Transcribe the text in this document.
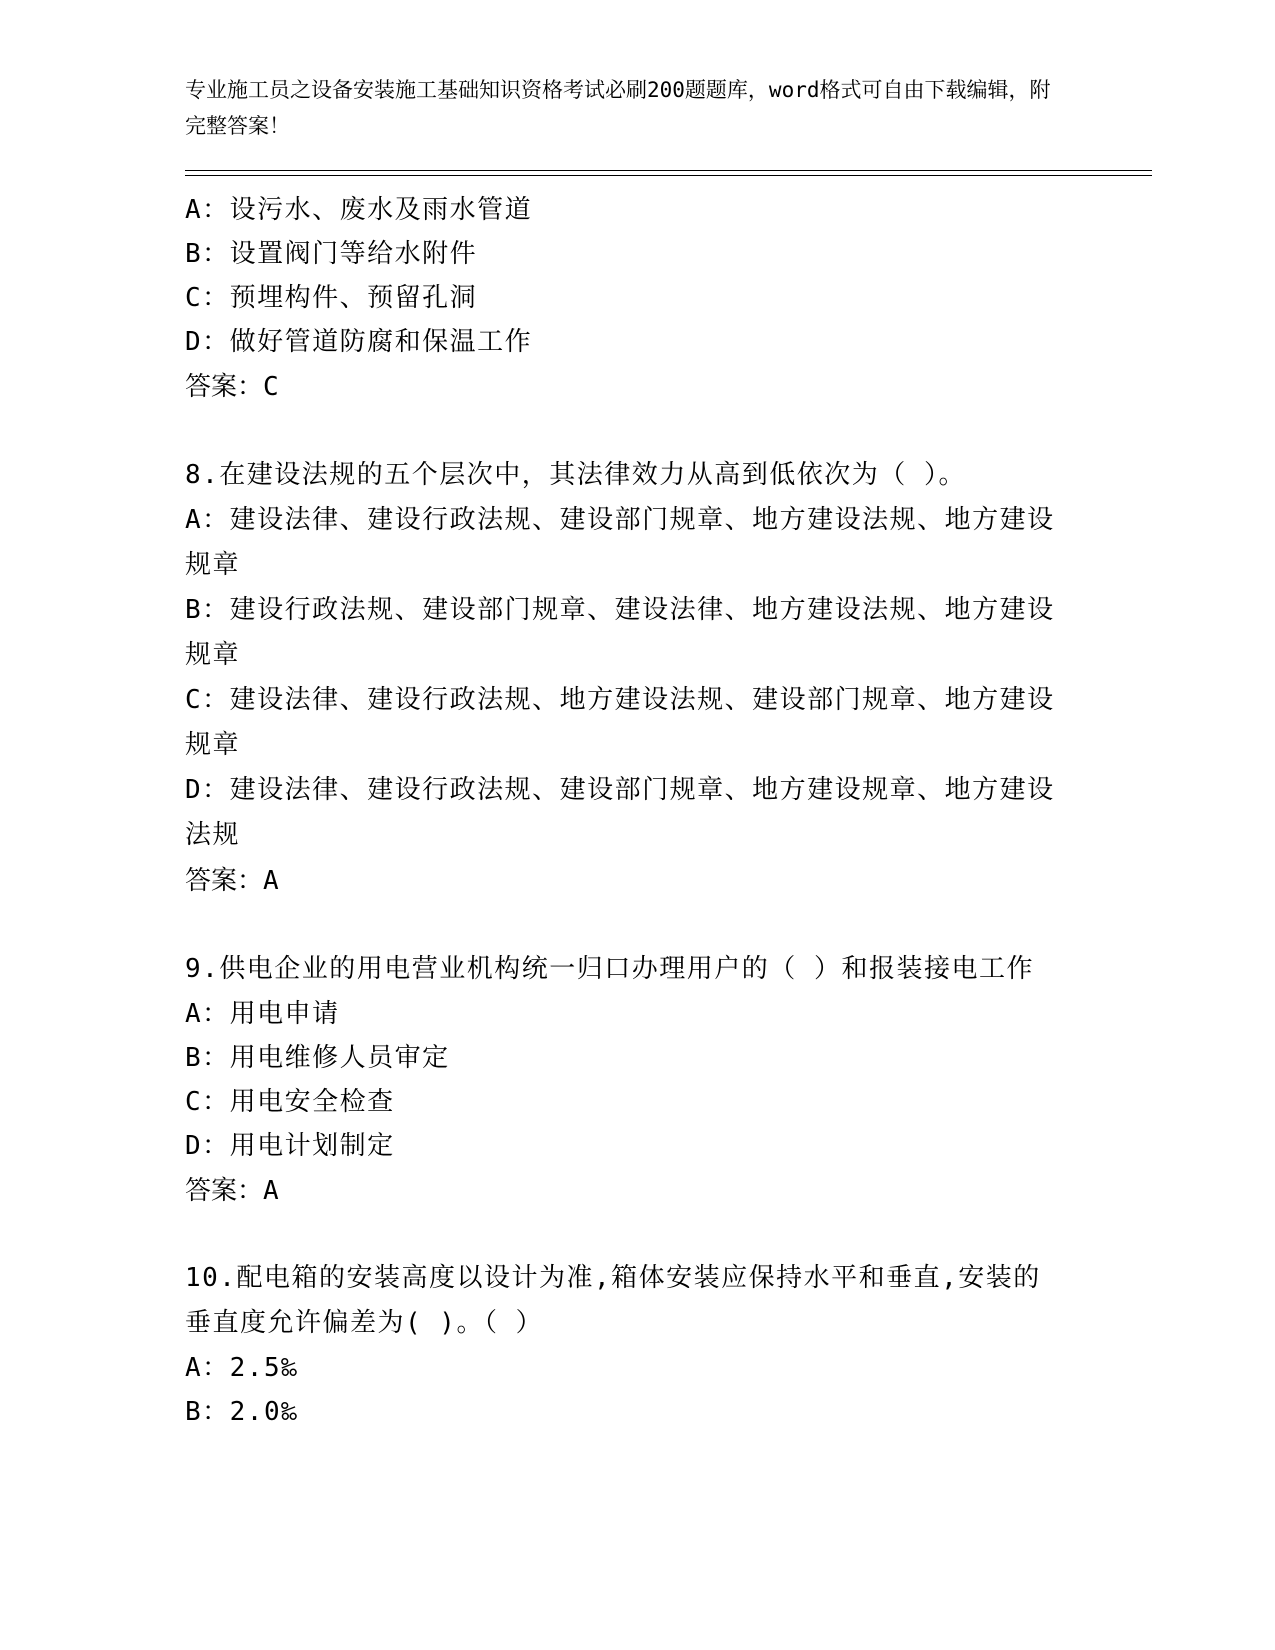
专业施工员之设备安装施工基础知识资格考试必刷200题题库，word格式可自由下载编辑，附完整答案！

A：设污水、废水及雨水管道

B：设置阀门等给水附件

C：预埋构件、预留孔洞

D：做好管道防腐和保温工作

答案：C

8.在建设法规的五个层次中，其法律效力从高到低依次为（ ）。

A：建设法律、建设行政法规、建设部门规章、地方建设法规、地方建设规章

B：建设行政法规、建设部门规章、建设法律、地方建设法规、地方建设规章

C：建设法律、建设行政法规、地方建设法规、建设部门规章、地方建设规章

D：建设法律、建设行政法规、建设部门规章、地方建设规章、地方建设法规

答案：A

9.供电企业的用电营业机构统一归口办理用户的（ ）和报装接电工作

A：用电申请

B：用电维修人员审定

C：用电安全检查

D：用电计划制定

答案：A

10.配电箱的安装高度以设计为准,箱体安装应保持水平和垂直,安装的垂直度允许偏差为( )。（ ）

A：2.5‰

B：2.0‰
